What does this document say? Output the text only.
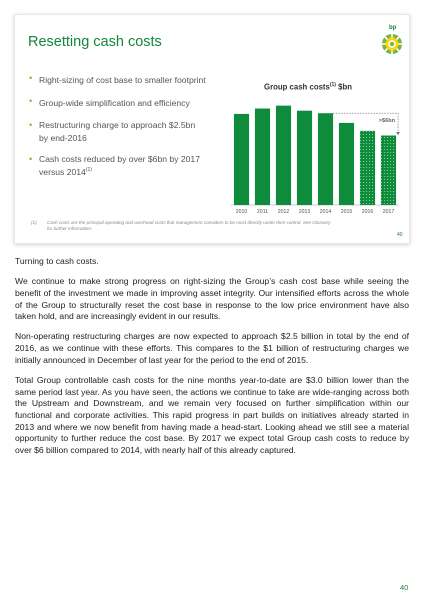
Resetting cash costs
bp
• Right-sizing of cost base to smaller footprint
• Group-wide simplification and efficiency
• Restructuring charge to approach $2.5bn by end-2016
• Cash costs reduced by over $6bn by 2017 versus 2014$^{(1)}$
Group cash costs$^{(1)}$ $bn
2010 2011 2012 2013 2014 2015 2016 2017
>$6bn
(1)	Cash costs are the principal operating and overhead costs that management considers to be most directly under their control. See Glossary for further information.
40

Turning to cash costs.

We continue to make strong progress on right-sizing the Group’s cash cost base while seeing the benefit of the investment we made in improving asset integrity. Our intensified efforts across the whole of the Group to structurally reset the cost base in response to the low price environment have also taken hold, and are increasingly evident in our results.

Non-operating restructuring charges are now expected to approach $2.5 billion in total by the end of 2016, as we continue with these efforts. This compares to the $1 billion of restructuring charges we initially announced in December of last year for the period to the end of 2015.

Total Group controllable cash costs for the nine months year-to-date are $3.0 billion lower than the same period last year. As you have seen, the actions we continue to take are wide-ranging across both the Upstream and Downstream, and we remain very focused on further simplification within our functional and corporate activities. This rapid progress in part builds on initiatives already started in 2013 and where we now benefit from having made a head-start. Looking ahead we still see a material opportunity to further reduce the cost base. By 2017 we expect total Group cash costs to reduce by over $6 billion compared to 2014, with nearly half of this already captured.

40
